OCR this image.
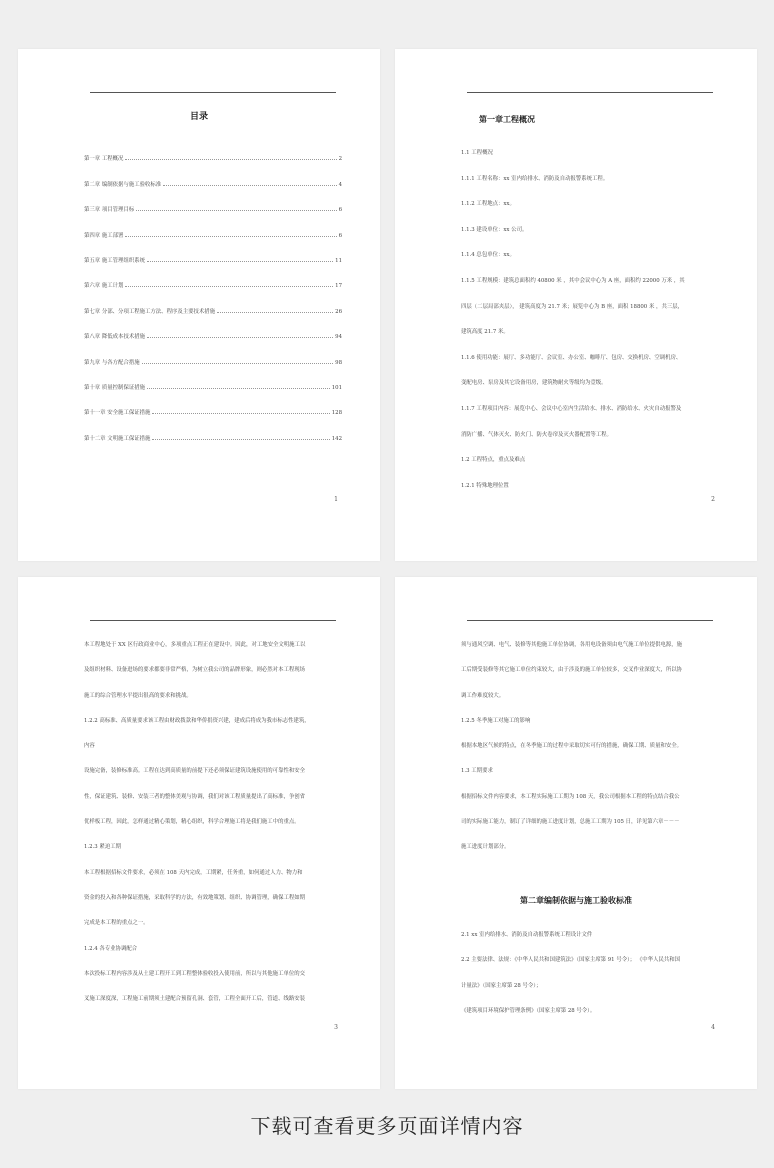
目录
第一章 工程概况	2
第二章 编制依据与施工验收标准	4
第三章 项目管理目标	6
第四章 施工部署	6
第五章 施工管理组织系统	11
第六章 施工计划	17
第七章 分部、分项工程施工方法、程序及主要技术措施	26
第八章 降低成本技术措施	94
第九章 与各方配合措施	98
第十章 质量控制保证措施	101
第十一章 安全施工保证措施	128
第十二章 文明施工保证措施	142
1
第一章工程概况
1.1 工程概况
1.1.1 工程名称：xx 室内给排水、消防及自动报警系统工程。
1.1.2 工程地点：xx。
1.1.3 建设单位：xx 公司。
1.1.4 总包单位：xx。
1.1.5 工程规模：建筑总面积约 40800 米 ，其中会议中心为 A 座，面积约 22000 万米 ，其
四层（二层局部夹层）， 建筑高度为 21.7 米；展览中心为 B 座，面积 18800 米 ，共三层，
建筑高度 21.7 米。
1.1.6 使用功能：展厅、多功能厅、会议室、办公室、咖啡厅、包房、交换机房、空调机房、
变配电房、泵房及其它设备用房，建筑物耐火等级均为壹级。
1.1.7 工程项目内容：展览中心、会议中心室内生活给水、排水、消防给水、火灾自动报警及
消防广播、气体灭火、防火门、防火卷帘及灭火器配置等工程。
1.2 工程特点，重点及难点
1.2.1 特殊地理位置
2
本工程地处于 XX 区行政商业中心，多项重点工程正在建设中。因此，对工地安全文明施工以
及组织材料、设备进场的要求都要非常严格，为树立我公司的品牌形象，则必然对本工程现场
施工的综合管理水平提出很高的要求和挑战。
1.2.2 高标准、高质量要求该工程由财政拨款和华侨捐资兴建，建成后将成为我市标志性建筑，
内容
设施完备，装修标准高。工程在达到高质量的前提下还必须保证建筑设施使用的可靠性和安全
性，保证建筑、装修、安装三者的整体美观与协调，我们对该工程质量提出了高标准，争创省
优样板工程，因此，怎样通过精心策划，精心组织，科学合理施工将是我们施工中的重点。
1.2.3 紧迫工期
本工程根据招标文件要求，必须在 108 天内完成，工期紧，任务重，如何通过人力、物力和
资金的投入和各种保证措施，采取科学的方法，有效地策划、组织、协调管理，确保工程如期
完成是本工程的重点之一。
1.2.4 各专业协调配合
本次投标工程内容涉及从土建工程开工到工程整体验收投入使用前，所以与其他施工单位的交
叉施工深度深，工程施工前期须土建配合预留孔洞、套管，工程全面开工后，管道、线路安装
3
须与通风空调、电气、装修等其他施工单位协调，各用电设备须由电气施工单位提供电源，施
工后期受装修等其它施工单位约束较大，由于涉及的施工单位较多，交叉作业深度大，所以协
调工作难度较大。
1.2.5 冬季施工对施工的影响
根据本地区气候的特点，在冬季施工的过程中采取切实可行的措施，确保工期、质量和安全。
1.3 工期要求
根据招标文件内容要求，本工程实际施工工期为 108 天，我公司根据本工程的特点结合我公
司的实际施工能力，制订了详细的施工进度计划，总施工工期为 105 日，详见第六章－－－
施工进度计划部分。
第二章编制依据与施工验收标准
2.1 xx 室内给排水、消防及自动报警系统工程设计文件
2.2 主要法律、法规：《中华人民共和国建筑法》（国家主席第 91 号令）； 《中华人民共和国
计量法》（国家主席第 28 号令）；
《建筑项目环境保护管理条例》（国家主席第 28 号令）。
4
下载可查看更多页面详情内容
